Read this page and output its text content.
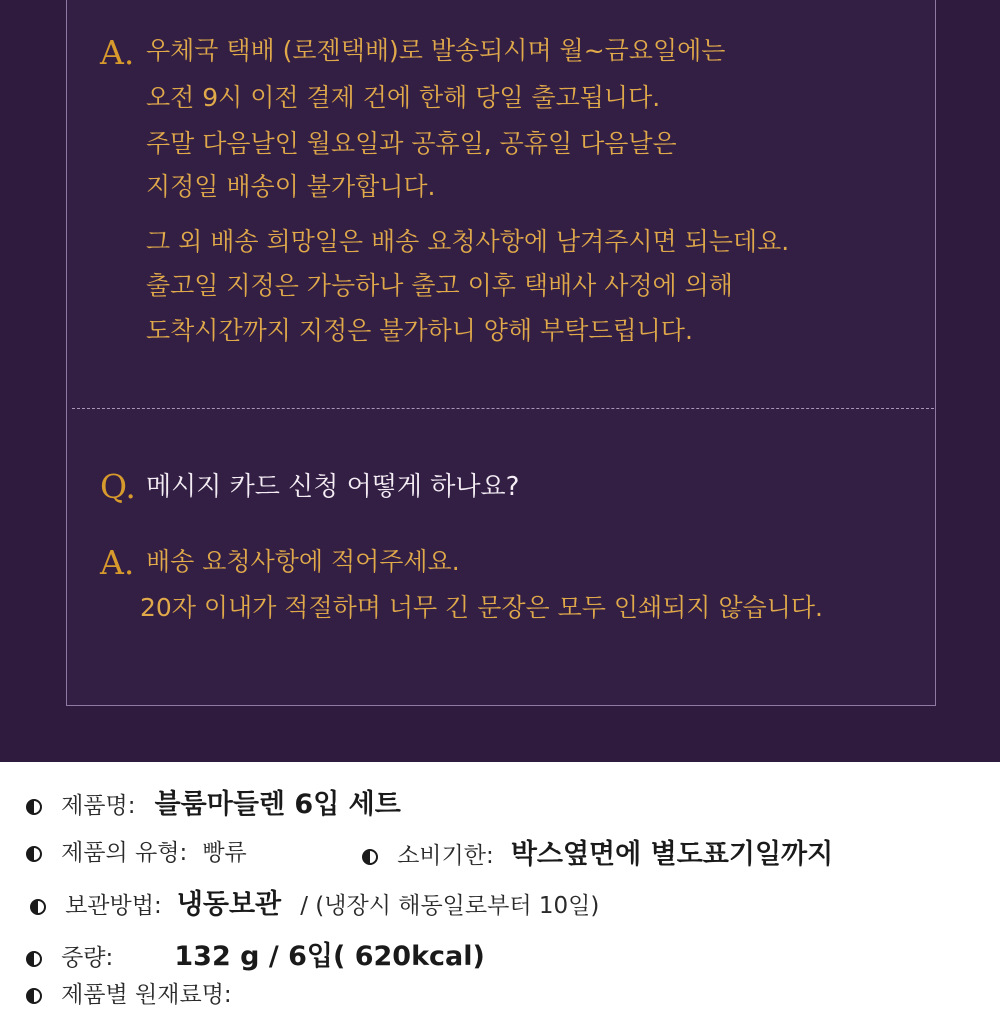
A. 우체국 택배 (로젠택배)로 발송되시며 월~금요일에는
오전 9시 이전 결제 건에 한해 당일 출고됩니다.
주말 다음날인 월요일과 공휴일, 공휴일 다음날은
지정일 배송이 불가합니다.
그 외 배송 희망일은 배송 요청사항에 남겨주시면 되는데요.
출고일 지정은 가능하나 출고 이후 택배사 사정에 의해
도착시간까지 지정은 불가하니 양해 부탁드립니다.
Q. 메시지 카드 신청 어떻게 하나요?
A. 배송 요청사항에 적어주세요.
20자 이내가 적절하며 너무 긴 문장은 모두 인쇄되지 않습니다.
제품명: 블룸마들렌 6입 세트
제품의 유형: 빵류	소비기한: 박스옆면에 별도표기일까지
보관방법: 냉동보관 / (냉장시 해동일로부터 10일)
중량: 132 g / 6입( 620kcal)
제품별 원재료명:
